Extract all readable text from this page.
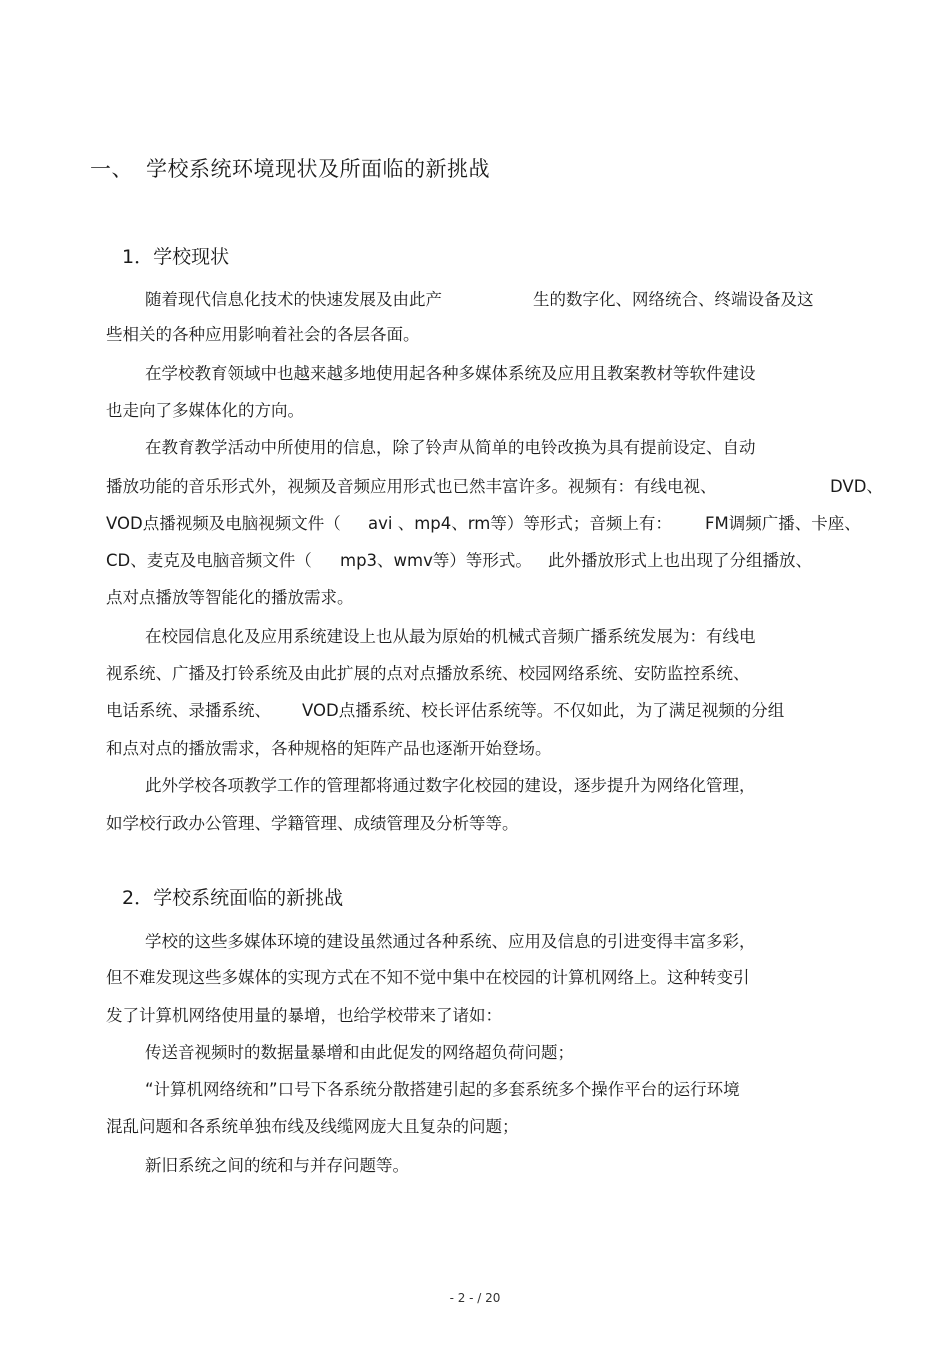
一、 学校系统环境现状及所面临的新挑战
1．学校现状
随着现代信息化技术的快速发展及由此产	生的数字化、网络统合、终端设备及这
些相关的各种应用影响着社会的各层各面。
在学校教育领域中也越来越多地使用起各种多媒体系统及应用且教案教材等软件建设
也走向了多媒体化的方向。
在教育教学活动中所使用的信息，除了铃声从简单的电铃改换为具有提前设定、自动
播放功能的音乐形式外，视频及音频应用形式也已然丰富许多。视频有：有线电视、	DVD、
VOD点播视频及电脑视频文件（ avi 、mp4、rm等）等形式；音频上有： FM调频广播、卡座、
CD、麦克及电脑音频文件（ mp3、wmv等）等形式。 此外播放形式上也出现了分组播放、
点对点播放等智能化的播放需求。
在校园信息化及应用系统建设上也从最为原始的机械式音频广播系统发展为：有线电
视系统、广播及打铃系统及由此扩展的点对点播放系统、校园网络系统、安防监控系统、
电话系统、录播系统、 VOD点播系统、校长评估系统等。不仅如此，为了满足视频的分组
和点对点的播放需求，各种规格的矩阵产品也逐渐开始登场。
此外学校各项教学工作的管理都将通过数字化校园的建设，逐步提升为网络化管理，
如学校行政办公管理、学籍管理、成绩管理及分析等等。
2．学校系统面临的新挑战
学校的这些多媒体环境的建设虽然通过各种系统、应用及信息的引进变得丰富多彩，
但不难发现这些多媒体的实现方式在不知不觉中集中在校园的计算机网络上。这种转变引
发了计算机网络使用量的暴增，也给学校带来了诸如：
传送音视频时的数据量暴增和由此促发的网络超负荷问题；
“计算机网络统和”口号下各系统分散搭建引起的多套系统多个操作平台的运行环境
混乱问题和各系统单独布线及线缆网庞大且复杂的问题；
新旧系统之间的统和与并存问题等。
- 2 - / 20
